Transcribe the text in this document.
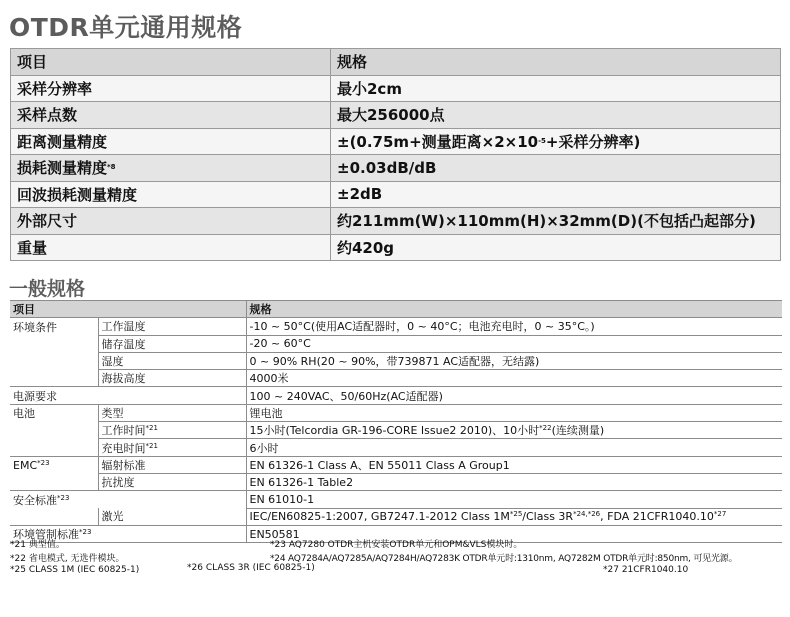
OTDR单元通用规格
项目	规格
采样分辨率	最小2cm
采样点数	最大256000点
距离测量精度	±(0.75m+测量距离$\times 2\times 10^{-5}+$采样分辨率)
损耗测量精度$^{*8}$	±0.03dB/dB
回波损耗测量精度	±2dB
外部尺寸	约211mm(W)×110mm(H)×32mm(D)(不包括凸起部分)
重量	约420g
一般规格
项目		规格
环境条件	工作温度	-10 ~ 50°C(使用AC适配器时，0 ~ 40°C；电池充电时，0 ~ 35°C。)
	储存温度	-20 ~ 60°C
	湿度	0 ~ 90% RH(20 ~ 90%，带739871 AC适配器，无结露)
	海拔高度	4000米
电源要求		100 ~ 240VAC、50/60Hz(AC适配器)
电池	类型	锂电池
	工作时间$^{*21}$	15小时(Telcordia GR-196-CORE Issue2 2010)、10小时$^{*22}$(连续测量)
	充电时间$^{*21}$	6小时
EMC$^{*23}$	辐射标准	EN 61326-1 Class A、EN 55011 Class A Group1
	抗扰度	EN 61326-1 Table2
安全标准$^{*23}$		EN 61010-1
	激光	IEC/EN60825-1:2007, GB7247.1-2012 Class $1M^{*25}$/Class $3R^{*24,*26}$, FDA 21CFR1040.10$^{*27}$
环境管制标准$^{*23}$		EN50581
*21 典型值。
*22 省电模式, 无选件模块。
*25 CLASS 1M (IEC 60825-1)	*26 CLASS 3R (IEC 60825-1)
*23 AQ7280 OTDR主机安装OTDR单元和OPM&VLS模块时。
*24 AQ7284A/AQ7285A/AQ7284H/AQ7283K OTDR单元时:1310nm, AQ7282M OTDR单元时:850nm, 可见光源。
*27 21CFR1040.10
